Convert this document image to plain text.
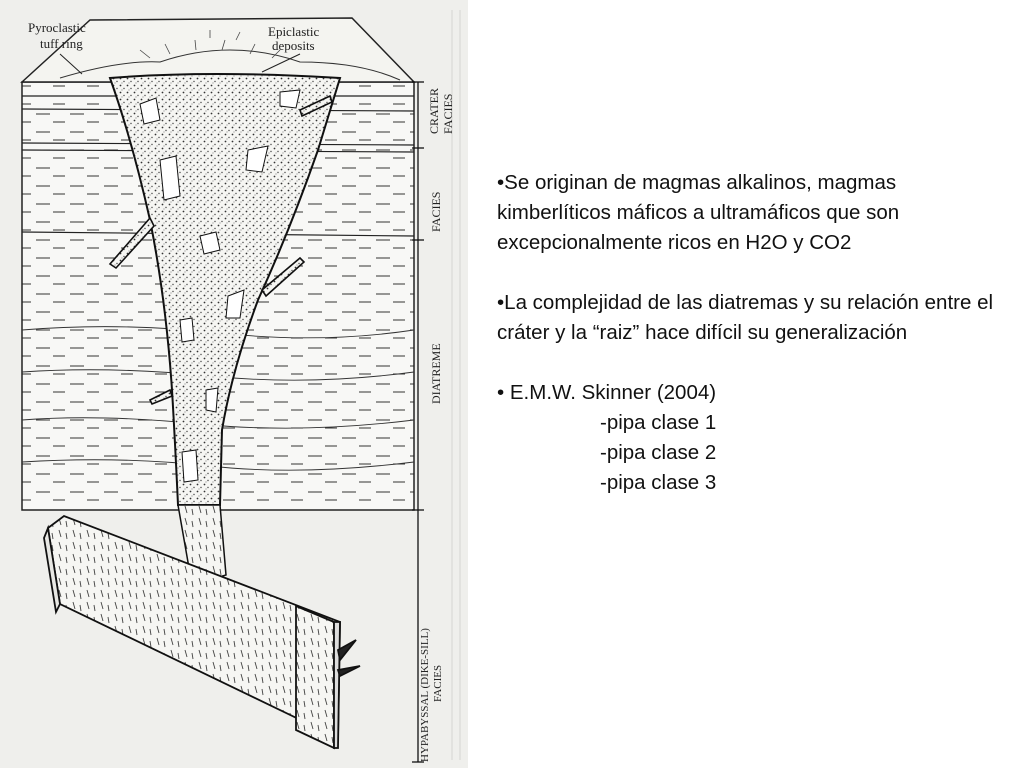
Pyroclastic
tuff ring
Epiclastic
deposits
CRATER FACIES
FACIES
DIATREME
HYPABYSSAL (DIKE-SILL) FACIES

•Se originan de magmas alkalinos, magmas kimberlíticos máficos a ultramáficos que son excepcionalmente ricos en H2O y CO2

•La complejidad de las diatremas y su relación entre el cráter y la “raiz” hace difícil su generalización

• E.M.W. Skinner (2004)

-pipa clase 1

-pipa clase 2

-pipa clase 3
